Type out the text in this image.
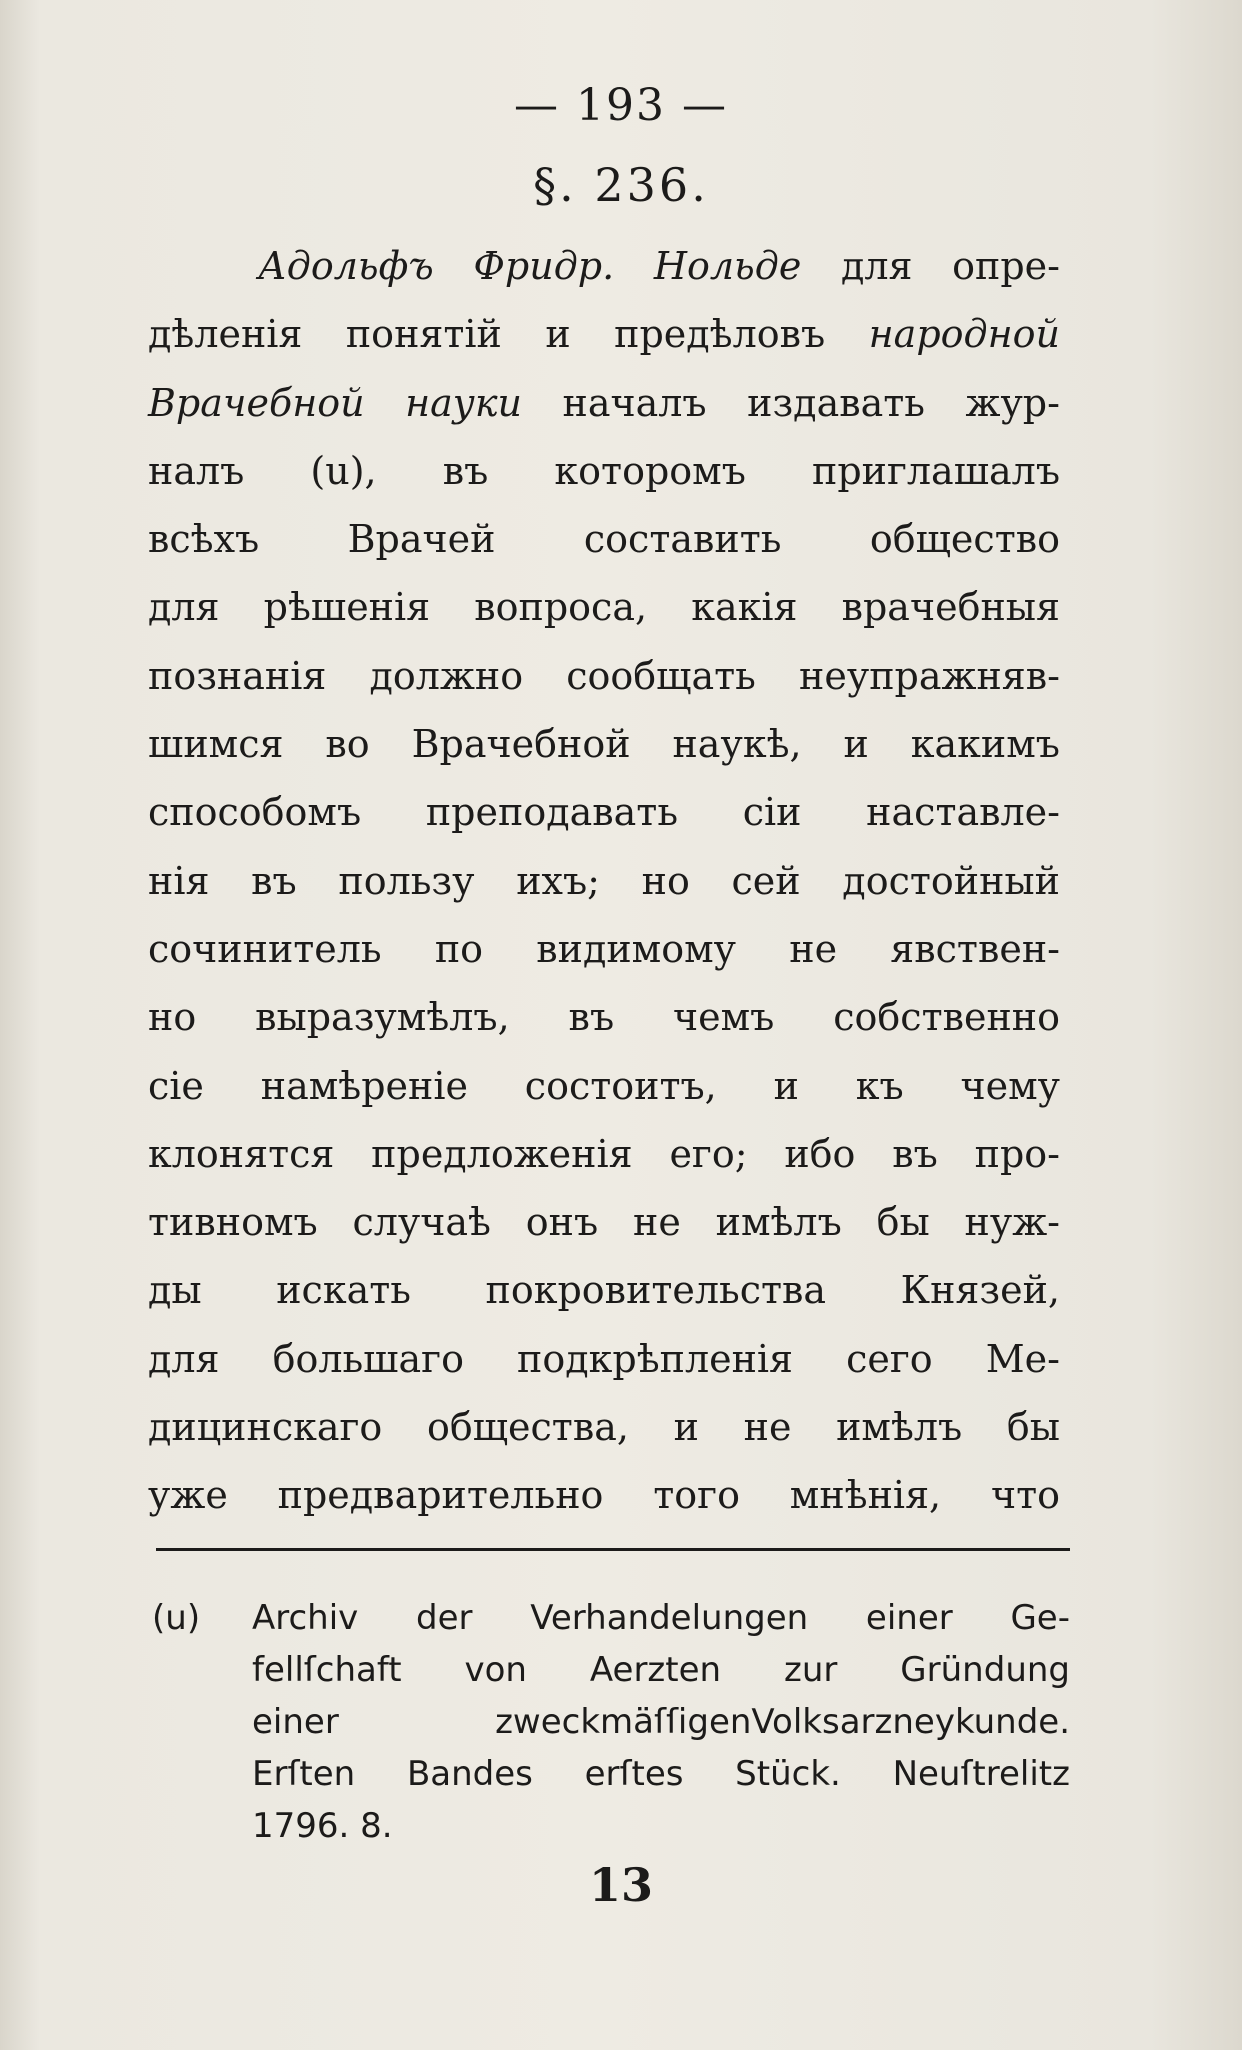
— 193 —
§. 236.
Адольфъ Фридр. Нольде для опре-
дѣленія понятій и предѣловъ народной
Врачебной науки началъ издавать жур-
налъ (u), въ которомъ приглашалъ
всѣхъ Врачей составить общество
для рѣшенія вопроса, какія врачебныя
познанія должно сообщать неупражняв-
шимся во Врачебной наукѣ, и какимъ
способомъ преподавать сіи наставле-
нія въ пользу ихъ; но сей достойный
сочинитель по видимому не явствен-
но выразумѣлъ, въ чемъ собственно
сіе намѣреніе состоитъ, и къ чему
клонятся предложенія его; ибо въ про-
тивномъ случаѣ онъ не имѣлъ бы нуж-
ды искать покровительства Князей,
для большаго подкрѣпленія сего Ме-
дицинскаго общества, и не имѣлъ бы
уже предварительно того мнѣнія, что
(u) Archiv der Verhandelungen einer Ge-
fellſchaft von Aerzten zur Gründung
einer zweckmäſſigenVolksarzneykunde.
Erſten Bandes erſtes Stück. Neuſtrelitz
1796. 8.
13
